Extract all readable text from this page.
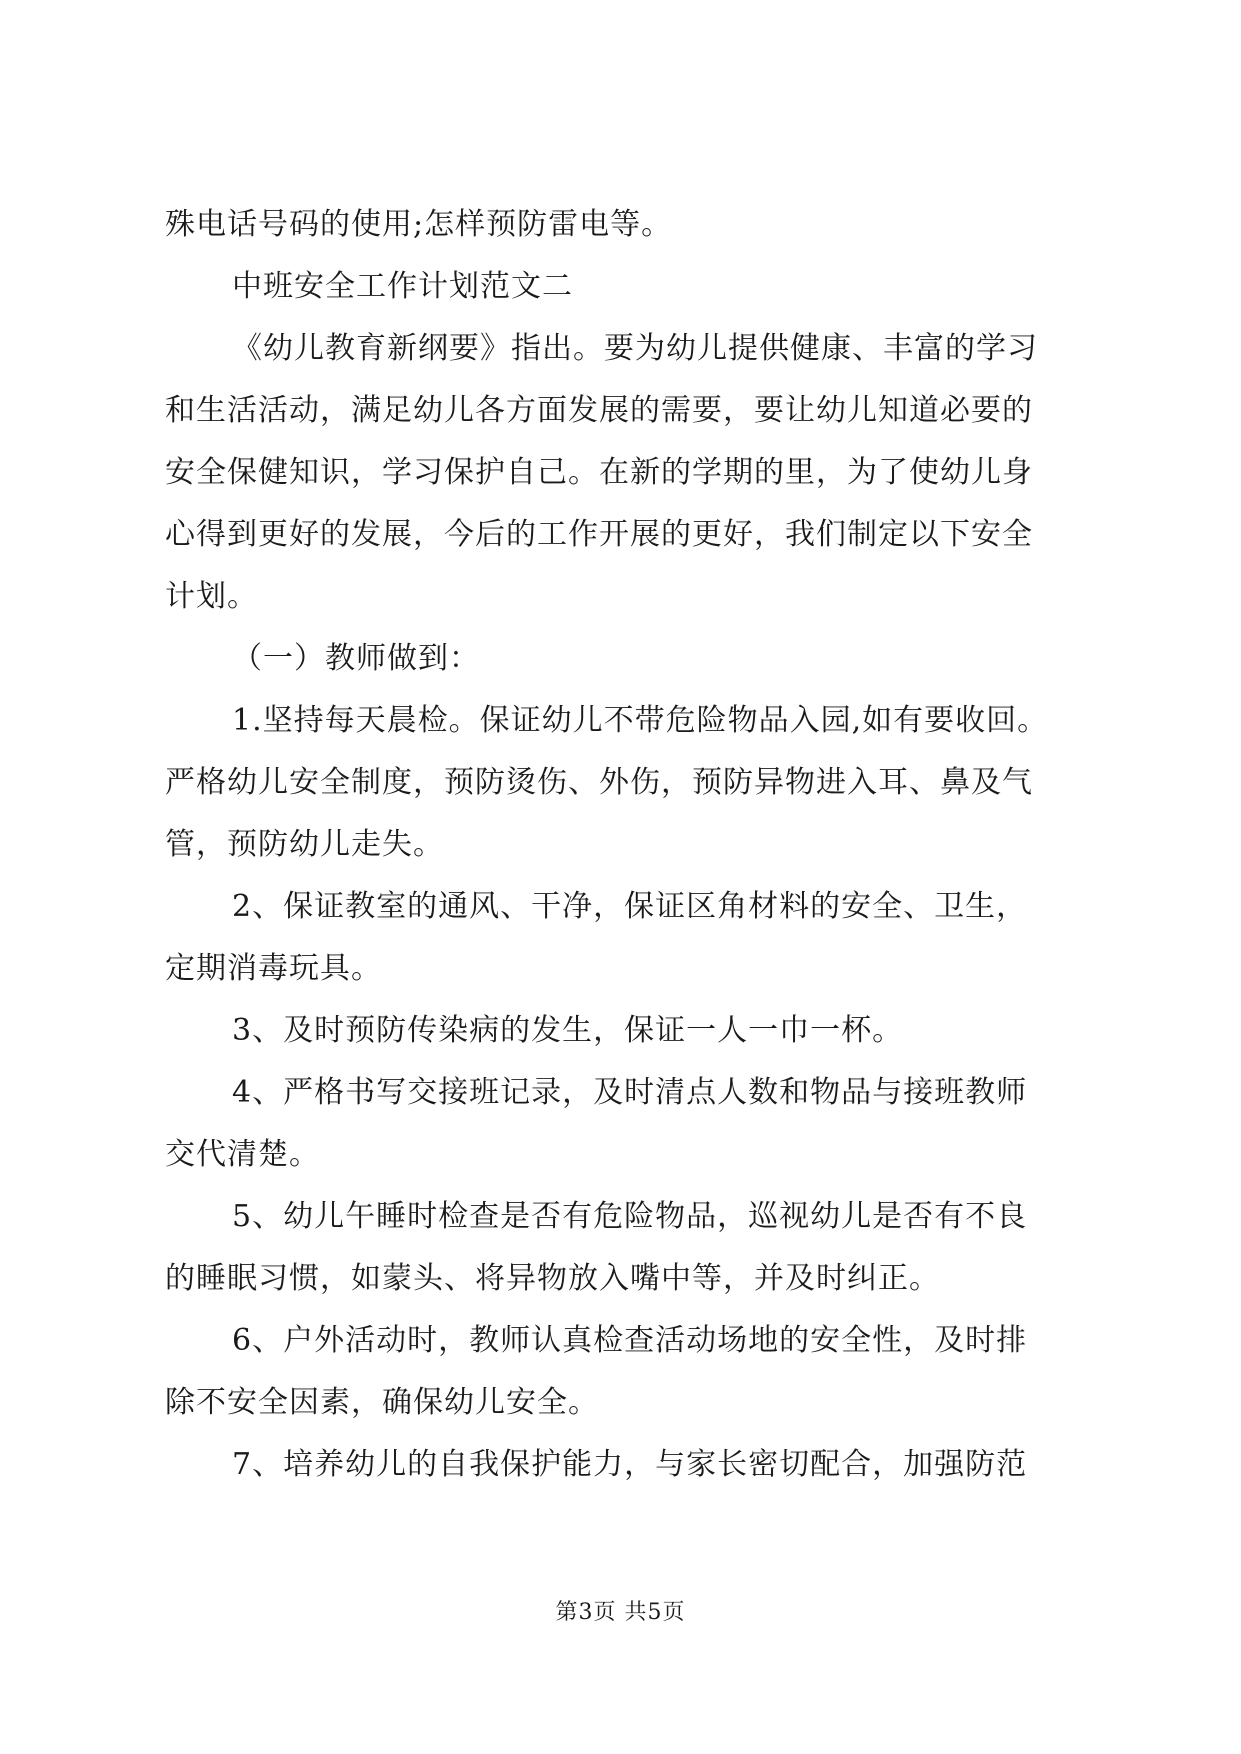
殊电话号码的使用;怎样预防雷电等。
中班安全工作计划范文二
《幼儿教育新纲要》指出。要为幼儿提供健康、丰富的学习
和生活活动，满足幼儿各方面发展的需要，要让幼儿知道必要的
安全保健知识，学习保护自己。在新的学期的里，为了使幼儿身
心得到更好的发展，今后的工作开展的更好，我们制定以下安全
计划。
（一）教师做到：
1.坚持每天晨检。保证幼儿不带危险物品入园,如有要收回。
严格幼儿安全制度，预防烫伤、外伤，预防异物进入耳、鼻及气
管，预防幼儿走失。
2、保证教室的通风、干净，保证区角材料的安全、卫生，
定期消毒玩具。
3、及时预防传染病的发生，保证一人一巾一杯。
4、严格书写交接班记录，及时清点人数和物品与接班教师
交代清楚。
5、幼儿午睡时检查是否有危险物品，巡视幼儿是否有不良
的睡眠习惯，如蒙头、将异物放入嘴中等，并及时纠正。
6、户外活动时，教师认真检查活动场地的安全性，及时排
除不安全因素，确保幼儿安全。
7、培养幼儿的自我保护能力，与家长密切配合，加强防范
第3页 共5页
